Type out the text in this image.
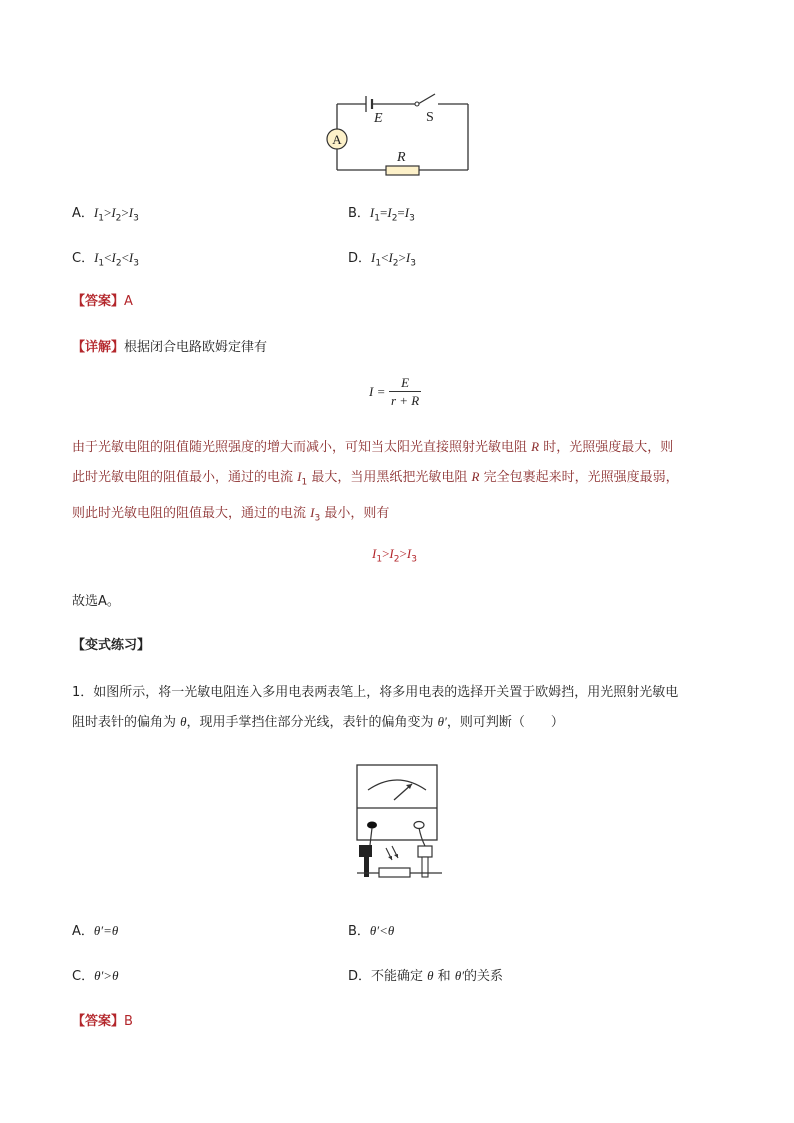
A
E	S
R
A．$I_1>I_2>I_3$	B．$I_1=I_2=I_3$
C．$I_1<I_2<I_3$	D．$I_1<I_2>I_3$
【答案】A
【详解】根据闭合电路欧姆定律有
$I = \frac{E}{r + R}$
由于光敏电阻的阻值随光照强度的增大而减小，可知当太阳光直接照射光敏电阻 R 时，光照强度最大，则
此时光敏电阻的阻值最小，通过的电流 $I_1$ 最大，当用黑纸把光敏电阻 R 完全包裹起来时，光照强度最弱，
则此时光敏电阻的阻值最大，通过的电流 $I_3$ 最小，则有
$I_1>I_2>I_3$
故选A。
【变式练习】
1．如图所示，将一光敏电阻连入多用电表两表笔上，将多用电表的选择开关置于欧姆挡，用光照射光敏电
阻时表针的偏角为 θ，现用手掌挡住部分光线，表针的偏角变为 θ′，则可判断（　　）
A．θ′=θ	B．θ′<θ
C．θ′>θ	D．不能确定 θ 和 θ′的关系
【答案】B
